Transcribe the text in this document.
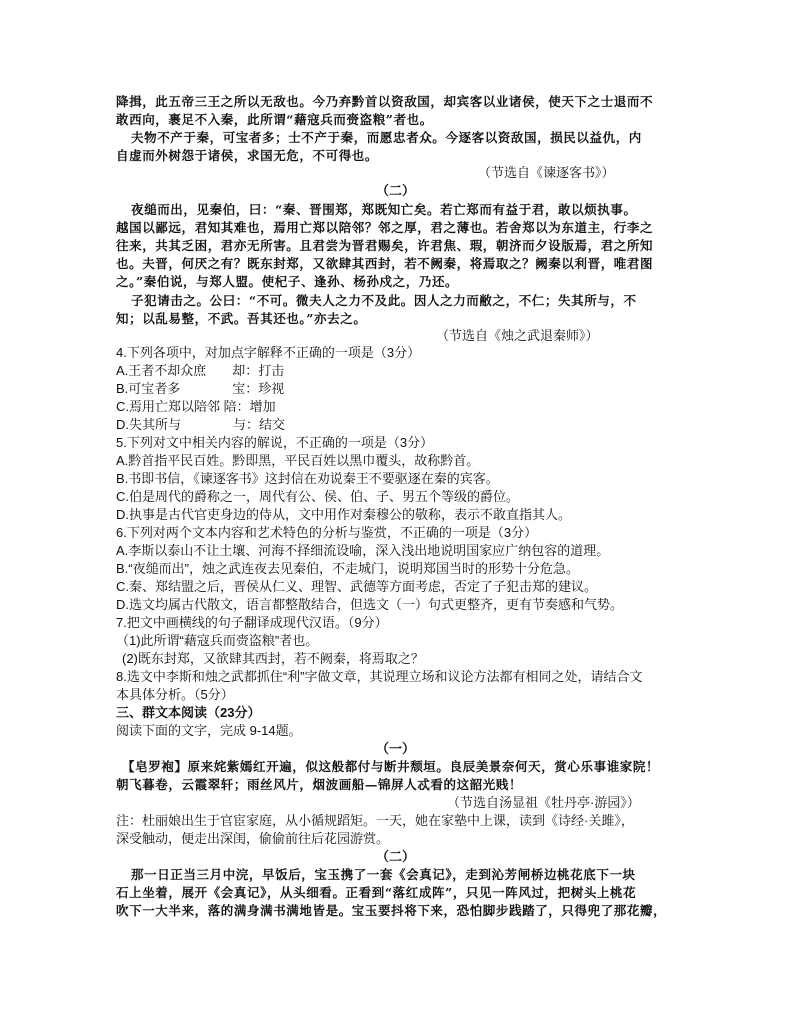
降揖，此五帝三王之所以无敌也。今乃弃黔首以资敌国，却宾客以业诸侯，使天下之士退而不
敢西向，裹足不入秦，此所谓“藉寇兵而赍盗粮”者也。
夫物不产于秦，可宝者多；士不产于秦，而愿忠者众。今逐客以资敌国，损民以益仇，内
自虚而外树怨于诸侯，求国无危，不可得也。
（节选自《谏逐客书》）
（二）
夜缒而出，见秦伯，曰：“秦、晋围郑，郑既知亡矣。若亡郑而有益于君，敢以烦执事。
越国以鄙远，君知其难也，焉用亡郑以陪邻？邻之厚，君之薄也。若舍郑以为东道主，行李之
往来，共其乏困，君亦无所害。且君尝为晋君赐矣，许君焦、瑕，朝济而夕设版焉，君之所知
也。夫晋，何厌之有？既东封郑，又欲肆其西封，若不阙秦，将焉取之？阙秦以利晋，唯君图
之。”秦伯说，与郑人盟。使杞子、逢孙、杨孙戍之，乃还。
子犯请击之。公曰：“不可。微夫人之力不及此。因人之力而敝之，不仁；失其所与，不
知；以乱易整，不武。吾其还也。”亦去之。
（节选自《烛之武退秦师》）
4.下列各项中，对加点字解释不正确的一项是（3分）
A.王者不却众庶　　却：打击
B.可宝者多　　　　宝：珍视
C.焉用亡郑以陪邻 陪：增加
D.失其所与　　　　与：结交
5.下列对文中相关内容的解说，不正确的一项是（3分）
A.黔首指平民百姓。黔即黑，平民百姓以黑巾覆头，故称黔首。
B.书即书信，《谏逐客书》这封信在劝说秦王不要驱逐在秦的宾客。
C.伯是周代的爵称之一，周代有公、侯、伯、子、男五个等级的爵位。
D.执事是古代官吏身边的侍从，文中用作对秦穆公的敬称，表示不敢直指其人。
6.下列对两个文本内容和艺术特色的分析与鉴赏，不正确的一项是（3分）
A.李斯以泰山不让土壤、河海不择细流设喻，深入浅出地说明国家应广纳包容的道理。
B.“夜缒而出”，烛之武连夜去见秦伯，不走城门，说明郑国当时的形势十分危急。
C.秦、郑结盟之后，晋侯从仁义、理智、武德等方面考虑，否定了子犯击郑的建议。
D.选文均属古代散文，语言都整散结合，但选文（一）句式更整齐，更有节奏感和气势。
7.把文中画横线的句子翻译成现代汉语。（9分）
（1)此所谓“藉寇兵而赍盗粮”者也。
(2)既东封郑，又欲肆其西封，若不阙秦，将焉取之？
8.选文中李斯和烛之武都抓住“利”字做文章，其说理立场和议论方法都有相同之处，请结合文
本具体分析。（5分）
三、群文本阅读（23分）
阅读下面的文字，完成 9-14题。
（一）
【皂罗袍】原来姹紫嫣红开遍，似这般都付与断井颓垣。良辰美景奈何天，赏心乐事谁家院！
朝飞暮卷，云霞翠轩；雨丝风片，烟波画船—锦屏人忒看的这韶光贱！
（节选自汤显祖《牡丹亭·游园》）
注：杜丽娘出生于官宦家庭，从小循规蹈矩。一天，她在家塾中上课，读到《诗经·关雎》，
深受触动，便走出深闺，偷偷前往后花园游赏。
（二）
那一日正当三月中浣，早饭后，宝玉携了一套《会真记》，走到沁芳闸桥边桃花底下一块
石上坐着，展开《会真记》，从头细看。正看到“落红成阵”，只见一阵风过，把树头上桃花
吹下一大半来，落的满身满书满地皆是。宝玉要抖将下来，恐怕脚步践踏了，只得兜了那花瓣，
